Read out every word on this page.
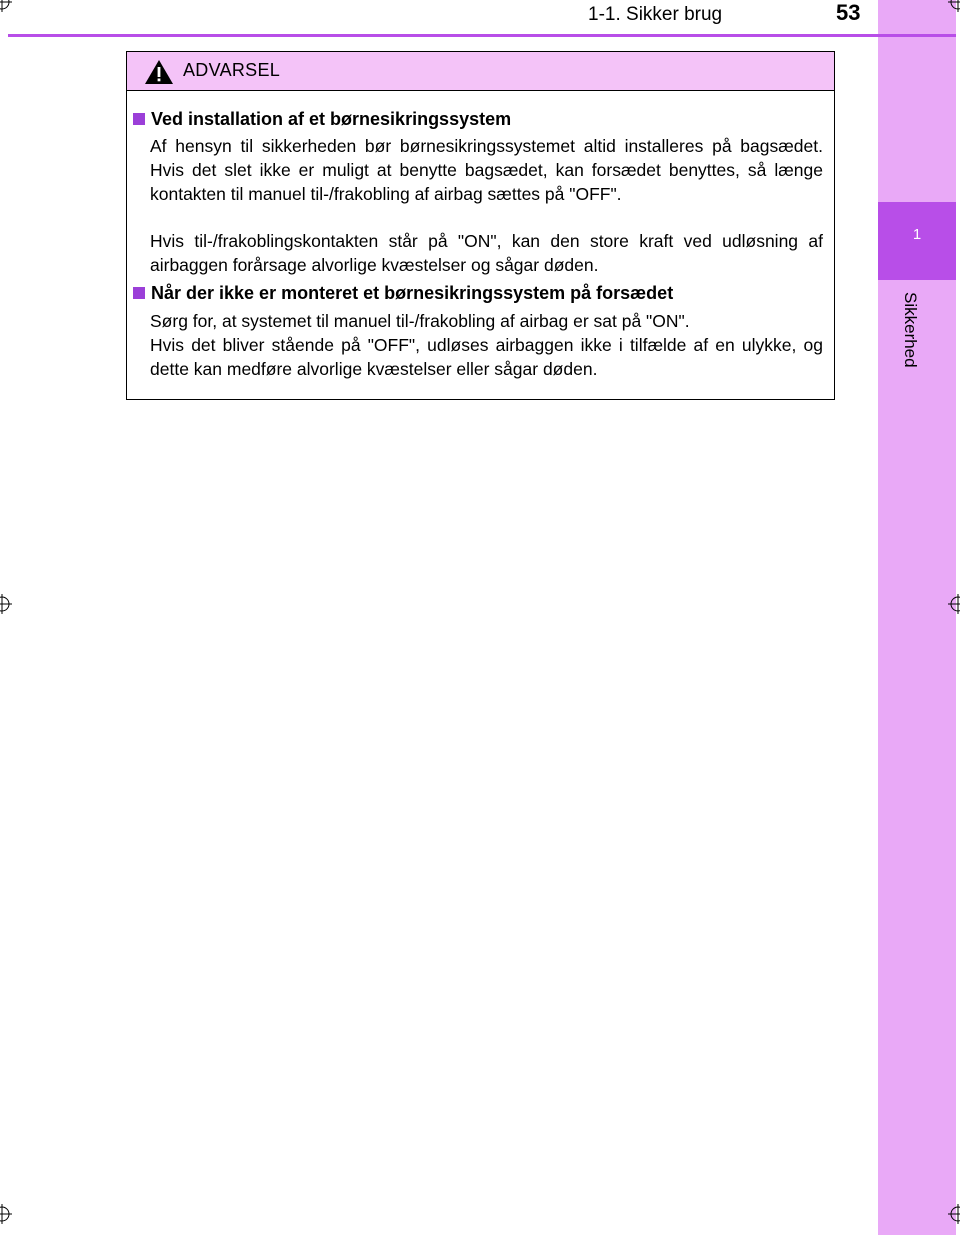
1
Sikkerhed
1-1. Sikker brug	53
ADVARSEL
Ved installation af et børnesikringssystem
Af hensyn til sikkerheden bør børnesikringssystemet altid installeres på bagsædet. Hvis det slet ikke er muligt at benytte bagsædet, kan forsædet benyttes, så længe kontakten til manuel til-/frakobling af airbag sættes på "OFF".
Hvis til-/frakoblingskontakten står på "ON", kan den store kraft ved udløsning af airbaggen forårsage alvorlige kvæstelser og sågar døden.
Når der ikke er monteret et børnesikringssystem på forsædet
Sørg for, at systemet til manuel til-/frakobling af airbag er sat på "ON".
Hvis det bliver stående på "OFF", udløses airbaggen ikke i tilfælde af en ulykke, og dette kan medføre alvorlige kvæstelser eller sågar døden.
